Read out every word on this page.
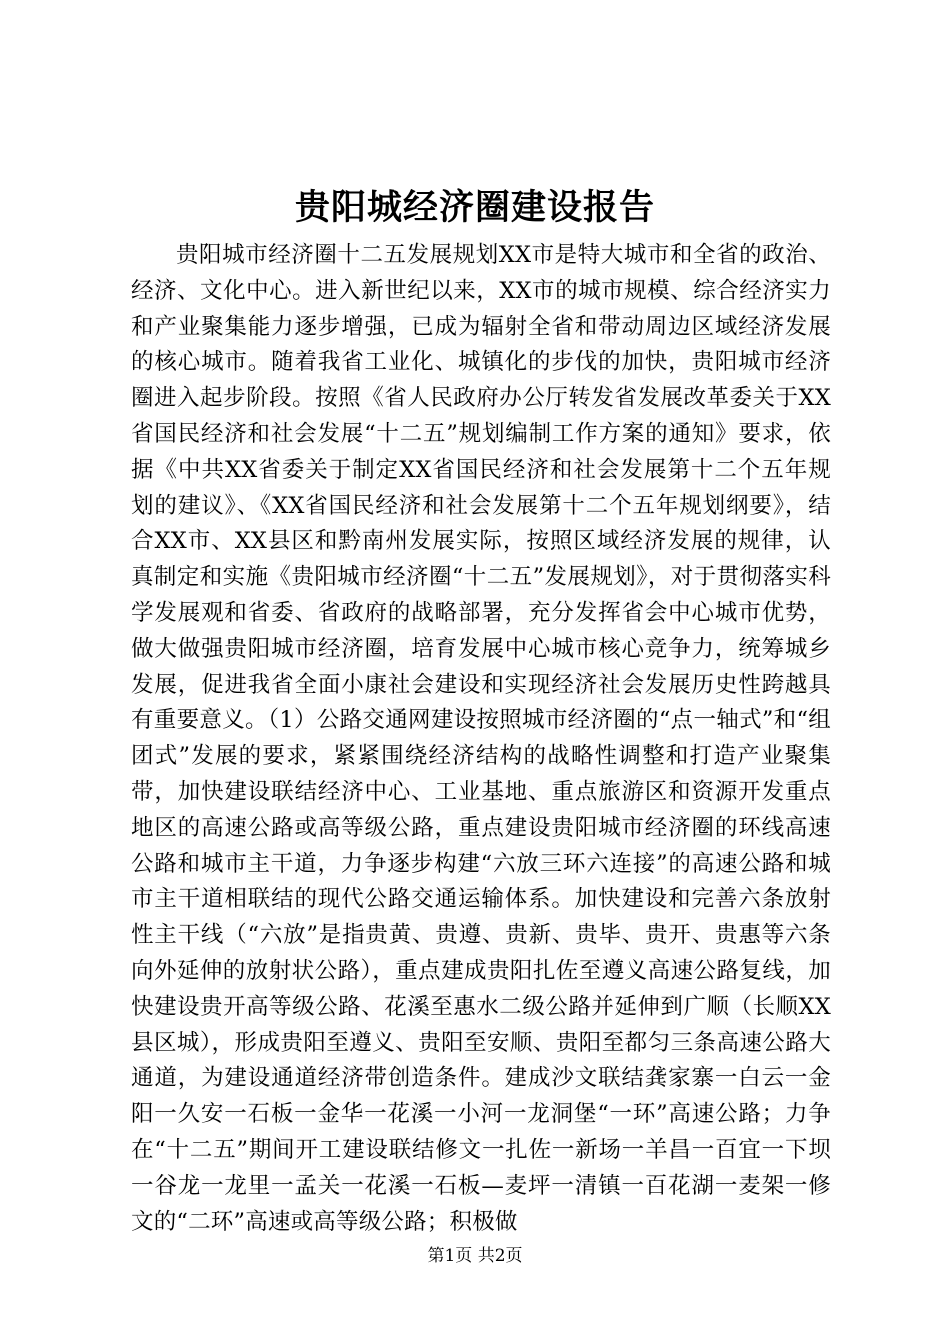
贵阳城经济圈建设报告

贵阳城市经济圈十二五发展规划XX市是特大城市和全省的政治、经济、文化中心。进入新世纪以来，XX市的城市规模、综合经济实力和产业聚集能力逐步增强，已成为辐射全省和带动周边区域经济发展的核心城市。随着我省工业化、城镇化的步伐的加快，贵阳城市经济圈进入起步阶段。按照《省人民政府办公厅转发省发展改革委关于XX省国民经济和社会发展“十二五”规划编制工作方案的通知》要求，依据《中共XX省委关于制定XX省国民经济和社会发展第十二个五年规划的建议》、《XX省国民经济和社会发展第十二个五年规划纲要》，结合XX市、XX县区和黔南州发展实际，按照区域经济发展的规律，认真制定和实施《贵阳城市经济圈“十二五”发展规划》，对于贯彻落实科学发展观和省委、省政府的战略部署，充分发挥省会中心城市优势，做大做强贵阳城市经济圈，培育发展中心城市核心竞争力，统筹城乡发展，促进我省全面小康社会建设和实现经济社会发展历史性跨越具有重要意义。（1）公路交通网建设按照城市经济圈的“点一轴式”和“组团式”发展的要求，紧紧围绕经济结构的战略性调整和打造产业聚集带，加快建设联结经济中心、工业基地、重点旅游区和资源开发重点地区的高速公路或高等级公路，重点建设贵阳城市经济圈的环线高速公路和城市主干道，力争逐步构建“六放三环六连接”的高速公路和城市主干道相联结的现代公路交通运输体系。加快建设和完善六条放射性主干线（“六放”是指贵黄、贵遵、贵新、贵毕、贵开、贵惠等六条向外延伸的放射状公路），重点建成贵阳扎佐至遵义高速公路复线，加快建设贵开高等级公路、花溪至惠水二级公路并延伸到广顺（长顺XX县区城），形成贵阳至遵义、贵阳至安顺、贵阳至都匀三条高速公路大通道，为建设通道经济带创造条件。建成沙文联结龚家寨一白云一金阳一久安一石板一金华一花溪一小河一龙洞堡“一环”高速公路；力争在“十二五”期间开工建设联结修文一扎佐一新场一羊昌一百宜一下坝一谷龙一龙里一孟关一花溪一石板—麦坪一清镇一百花湖一麦架一修文的“二环”高速或高等级公路；积极做

第1页 共2页
